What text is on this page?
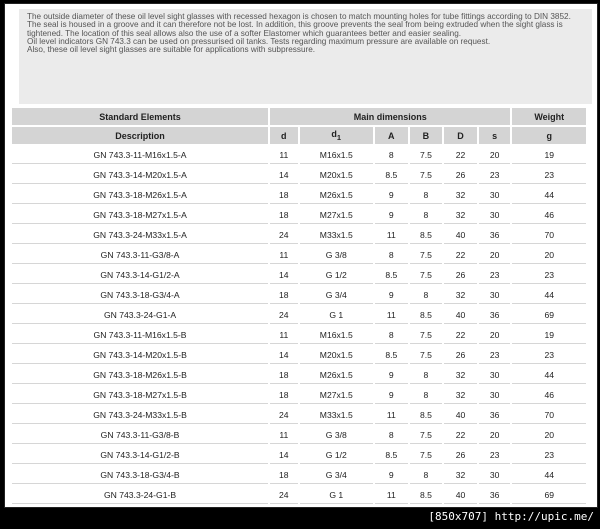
The outside diameter of these oil level sight glasses with recessed hexagon is chosen to match mounting holes for tube fittings according to DIN 3852.

The seal is housed in a groove and it can therefore not be lost. In addition, this groove prevents the seal from being extruded when the sight glass is tightened. The location of this seal allows also the use of a softer Elastomer which guarantees better and easier sealing.

Oil level indicators GN 743.3 can be used on pressurised oil tanks. Tests regarding maximum pressure are available on request.

Also, these oil level sight glasses are suitable for applications with subpressure.

Standard Elements	Main dimensions						Weight
Description	d	$d_1$	A	B	D	s	g
GN 743.3-11-M16x1.5-A	11	M16x1.5	8	7.5	22	20	19
GN 743.3-14-M20x1.5-A	14	M20x1.5	8.5	7.5	26	23	23
GN 743.3-18-M26x1.5-A	18	M26x1.5	9	8	32	30	44
GN 743.3-18-M27x1.5-A	18	M27x1.5	9	8	32	30	46
GN 743.3-24-M33x1.5-A	24	M33x1.5	11	8.5	40	36	70
GN 743.3-11-G3/8-A	11	G 3/8	8	7.5	22	20	20
GN 743.3-14-G1/2-A	14	G 1/2	8.5	7.5	26	23	23
GN 743.3-18-G3/4-A	18	G 3/4	9	8	32	30	44
GN 743.3-24-G1-A	24	G 1	11	8.5	40	36	69
GN 743.3-11-M16x1.5-B	11	M16x1.5	8	7.5	22	20	19
GN 743.3-14-M20x1.5-B	14	M20x1.5	8.5	7.5	26	23	23
GN 743.3-18-M26x1.5-B	18	M26x1.5	9	8	32	30	44
GN 743.3-18-M27x1.5-B	18	M27x1.5	9	8	32	30	46
GN 743.3-24-M33x1.5-B	24	M33x1.5	11	8.5	40	36	70
GN 743.3-11-G3/8-B	11	G 3/8	8	7.5	22	20	20
GN 743.3-14-G1/2-B	14	G 1/2	8.5	7.5	26	23	23
GN 743.3-18-G3/4-B	18	G 3/4	9	8	32	30	44
GN 743.3-24-G1-B	24	G 1	11	8.5	40	36	69
[850x707] http://upic.me/
